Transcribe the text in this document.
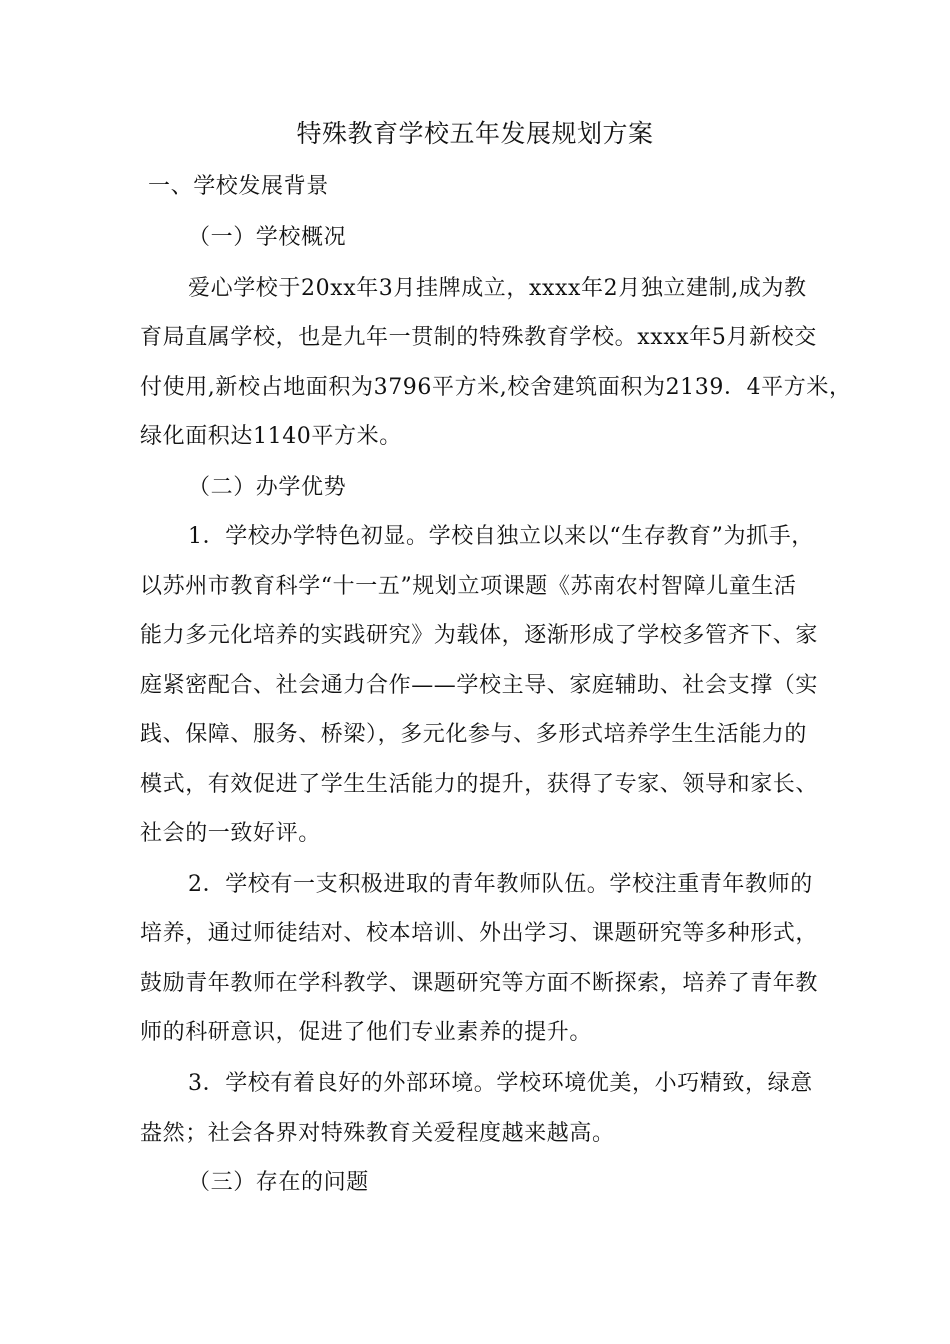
特殊教育学校五年发展规划方案
一、学校发展背景
（一）学校概况
爱心学校于20xx年3月挂牌成立，xxxx年2月独立建制,成为教
育局直属学校，也是九年一贯制的特殊教育学校。xxxx年5月新校交
付使用,新校占地面积为3796平方米,校舍建筑面积为2139．4平方米，
绿化面积达1140平方米。
（二）办学优势
1．学校办学特色初显。学校自独立以来以“生存教育”为抓手，
以苏州市教育科学“十一五”规划立项课题《苏南农村智障儿童生活
能力多元化培养的实践研究》为载体，逐渐形成了学校多管齐下、家
庭紧密配合、社会通力合作——学校主导、家庭辅助、社会支撑（实
践、保障、服务、桥梁），多元化参与、多形式培养学生生活能力的
模式，有效促进了学生生活能力的提升，获得了专家、领导和家长、
社会的一致好评。
2．学校有一支积极进取的青年教师队伍。学校注重青年教师的
培养，通过师徒结对、校本培训、外出学习、课题研究等多种形式，
鼓励青年教师在学科教学、课题研究等方面不断探索，培养了青年教
师的科研意识，促进了他们专业素养的提升。
3．学校有着良好的外部环境。学校环境优美，小巧精致，绿意
盎然；社会各界对特殊教育关爱程度越来越高。
（三）存在的问题
